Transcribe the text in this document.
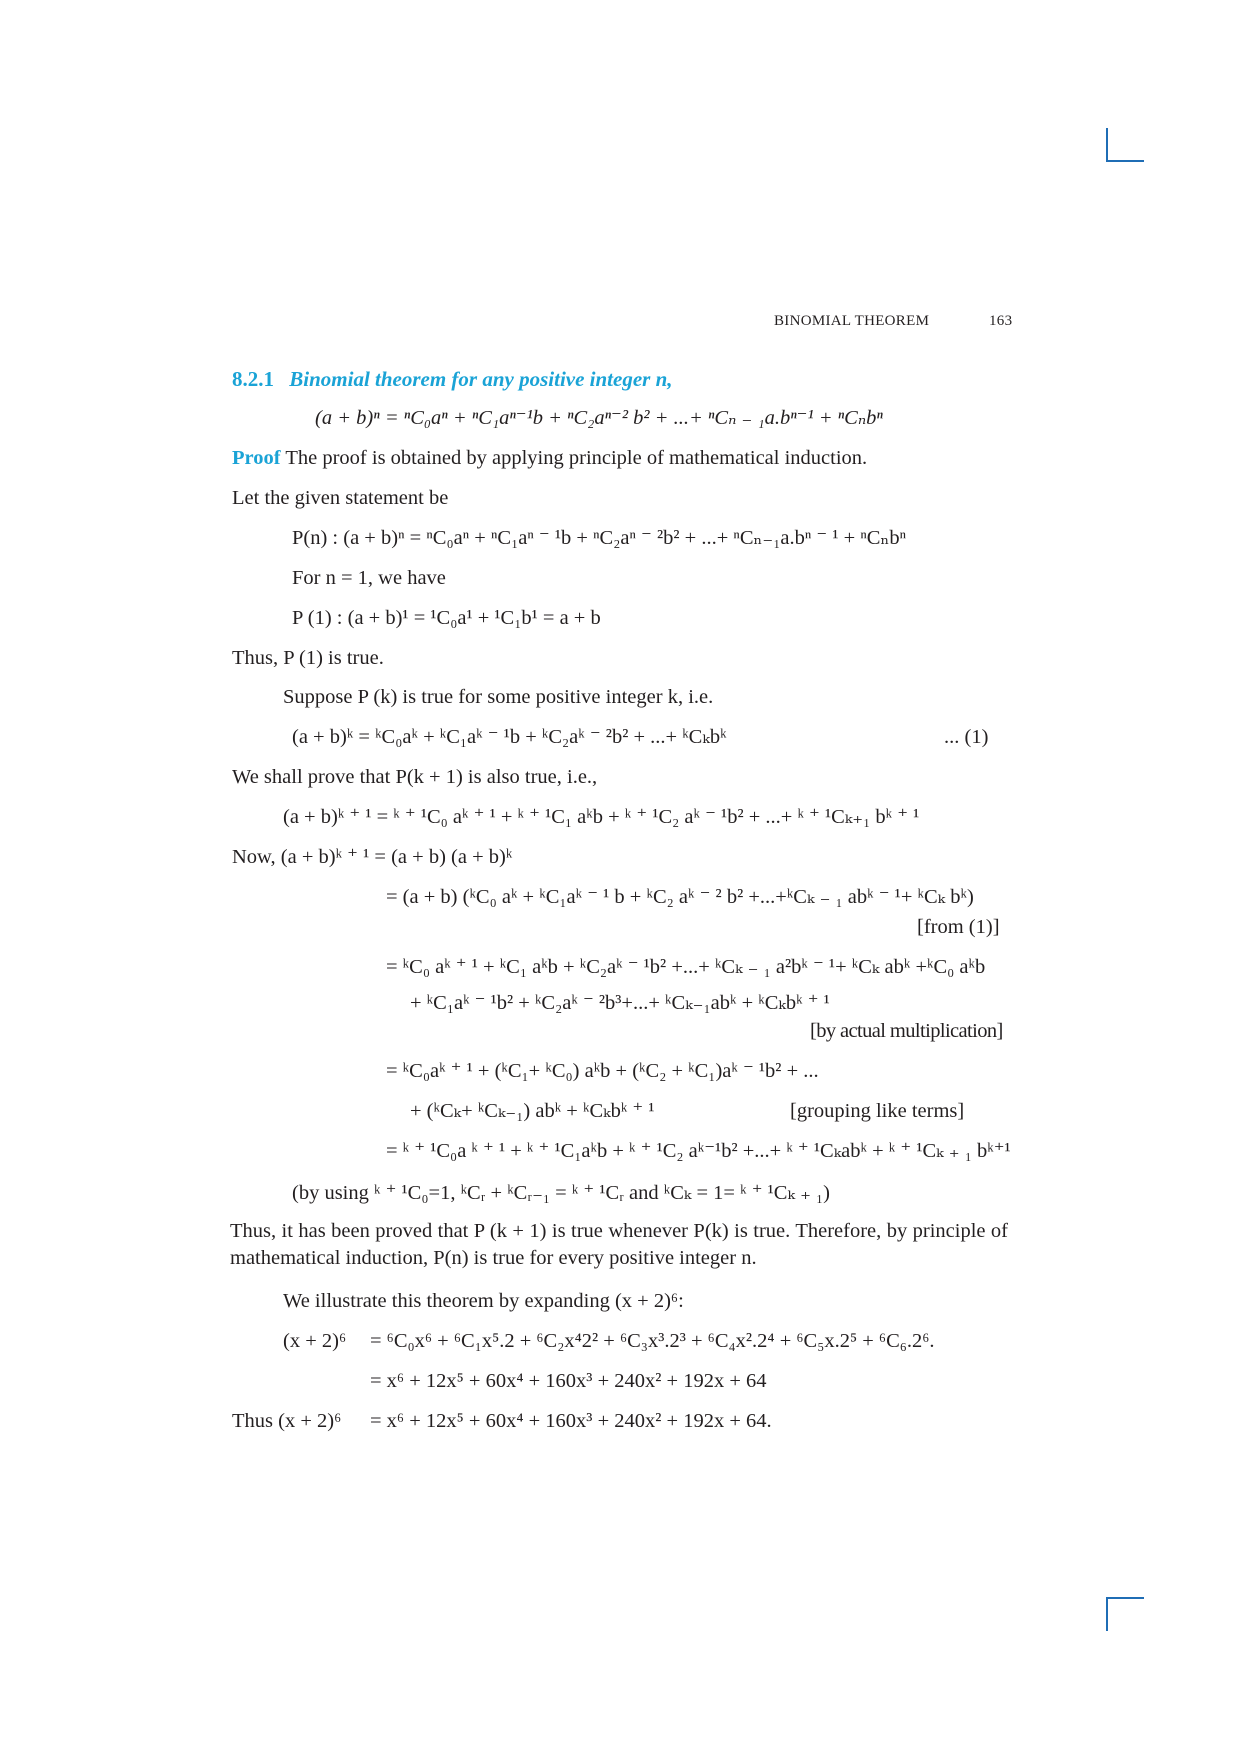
BINOMIAL THEOREM	163
8.2.1 Binomial theorem for any positive integer n,
(a + b)ⁿ = ⁿC₀aⁿ + ⁿC₁aⁿ⁻¹b + ⁿC₂aⁿ⁻² b² + ...+ ⁿCₙ ₋ ₁a.bⁿ⁻¹ + ⁿCₙbⁿ
Proof The proof is obtained by applying principle of mathematical induction.
Let the given statement be
P(n) : (a + b)ⁿ = ⁿC₀aⁿ + ⁿC₁aⁿ ⁻ ¹b + ⁿC₂aⁿ ⁻ ²b² + ...+ ⁿCₙ₋₁a.bⁿ ⁻ ¹ + ⁿCₙbⁿ
For n = 1, we have
P (1) : (a + b)¹ = ¹C₀a¹ + ¹C₁b¹ = a + b
Thus, P (1) is true.
Suppose P (k) is true for some positive integer k, i.e.
(a + b)ᵏ = ᵏC₀aᵏ + ᵏC₁aᵏ ⁻ ¹b + ᵏC₂aᵏ ⁻ ²b² + ...+ ᵏCₖbᵏ	... (1)
We shall prove that P(k + 1) is also true, i.e.,
(a + b)ᵏ ⁺ ¹ = ᵏ ⁺ ¹C₀ aᵏ ⁺ ¹ + ᵏ ⁺ ¹C₁ aᵏb + ᵏ ⁺ ¹C₂ aᵏ ⁻ ¹b² + ...+ ᵏ ⁺ ¹Cₖ₊₁ bᵏ ⁺ ¹
Now, (a + b)ᵏ ⁺ ¹ = (a + b) (a + b)ᵏ
= (a + b) (ᵏC₀ aᵏ + ᵏC₁aᵏ ⁻ ¹ b + ᵏC₂ aᵏ ⁻ ² b² +...+ᵏCₖ ₋ ₁ abᵏ ⁻ ¹+ ᵏCₖ bᵏ)
[from (1)]
= ᵏC₀ aᵏ ⁺ ¹ + ᵏC₁ aᵏb + ᵏC₂aᵏ ⁻ ¹b² +...+ ᵏCₖ ₋ ₁ a²bᵏ ⁻ ¹+ ᵏCₖ abᵏ +ᵏC₀ aᵏb
+ ᵏC₁aᵏ ⁻ ¹b² + ᵏC₂aᵏ ⁻ ²b³+...+ ᵏCₖ₋₁abᵏ + ᵏCₖbᵏ ⁺ ¹
[by actual multiplication]
= ᵏC₀aᵏ ⁺ ¹ + (ᵏC₁+ ᵏC₀) aᵏb + (ᵏC₂ + ᵏC₁)aᵏ ⁻ ¹b² + ...
+ (ᵏCₖ+ ᵏCₖ₋₁) abᵏ + ᵏCₖbᵏ ⁺ ¹	[grouping like terms]
= ᵏ ⁺ ¹C₀a ᵏ ⁺ ¹ + ᵏ ⁺ ¹C₁aᵏb + ᵏ ⁺ ¹C₂ aᵏ⁻¹b² +...+ ᵏ ⁺ ¹Cₖabᵏ + ᵏ ⁺ ¹Cₖ ₊ ₁ bᵏ⁺¹
(by using ᵏ ⁺ ¹C₀=1, ᵏCᵣ + ᵏCᵣ₋₁ = ᵏ ⁺ ¹Cᵣ and ᵏCₖ = 1= ᵏ ⁺ ¹Cₖ ₊ ₁)
Thus, it has been proved that P (k + 1) is true whenever P(k) is true. Therefore, by principle of mathematical induction, P(n) is true for every positive integer n.
We illustrate this theorem by expanding (x + 2)⁶:
(x + 2)⁶ = ⁶C₀x⁶ + ⁶C₁x⁵.2 + ⁶C₂x⁴2² + ⁶C₃x³.2³ + ⁶C₄x².2⁴ + ⁶C₅x.2⁵ + ⁶C₆.2⁶.
= x⁶ + 12x⁵ + 60x⁴ + 160x³ + 240x² + 192x + 64
Thus (x + 2)⁶ = x⁶ + 12x⁵ + 60x⁴ + 160x³ + 240x² + 192x + 64.
